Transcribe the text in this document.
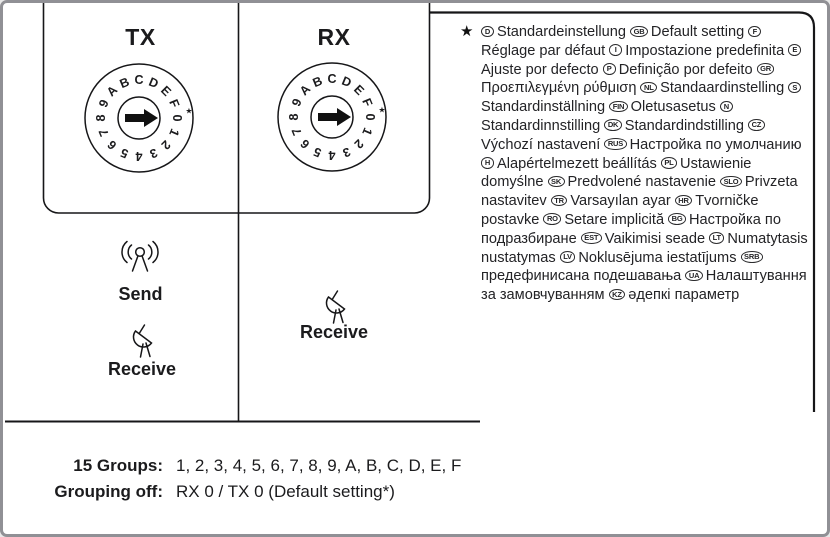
TX	RX
0
1
2
3
4
5
6
7
8
9
A
B C D
E
F
★
0
1
2
3
4
5
6
7
8
9
A
B C D
E
F
★
Send
Receive
Receive
★	D Standardeinstellung GB Default setting FRéglage par défaut I Impostazione predefinita EAjuste por defecto P Definição por defeito GRΠροεπιλεγμένη ρύθμιση NL Standaardinstelling SStandardinställning FIN Oletusasetus NStandardinnstilling DK Standardindstilling CZVýchozí nastavení RUS Настройка по умолчанию H Alapértelmezett beállítás PL Ustawienie domyślne SK Predvolené nastavenie SLO Privzeta nastavitev TR Varsayılan ayar HR Tvorničke postavke RO Setare implicită BG Настройка по подразбиране EST Vaikimisi seade LT Numatytasis nustatymas LV Noklusējuma iestatījums SRBпредефинисана подешавања UA Налаштування за замовчуванням KZ әдепкі параметр
15 Groups: 1, 2, 3, 4, 5, 6, 7, 8, 9, A, B, C, D, E, F
Grouping off: RX 0 / TX 0 (Default setting*)
